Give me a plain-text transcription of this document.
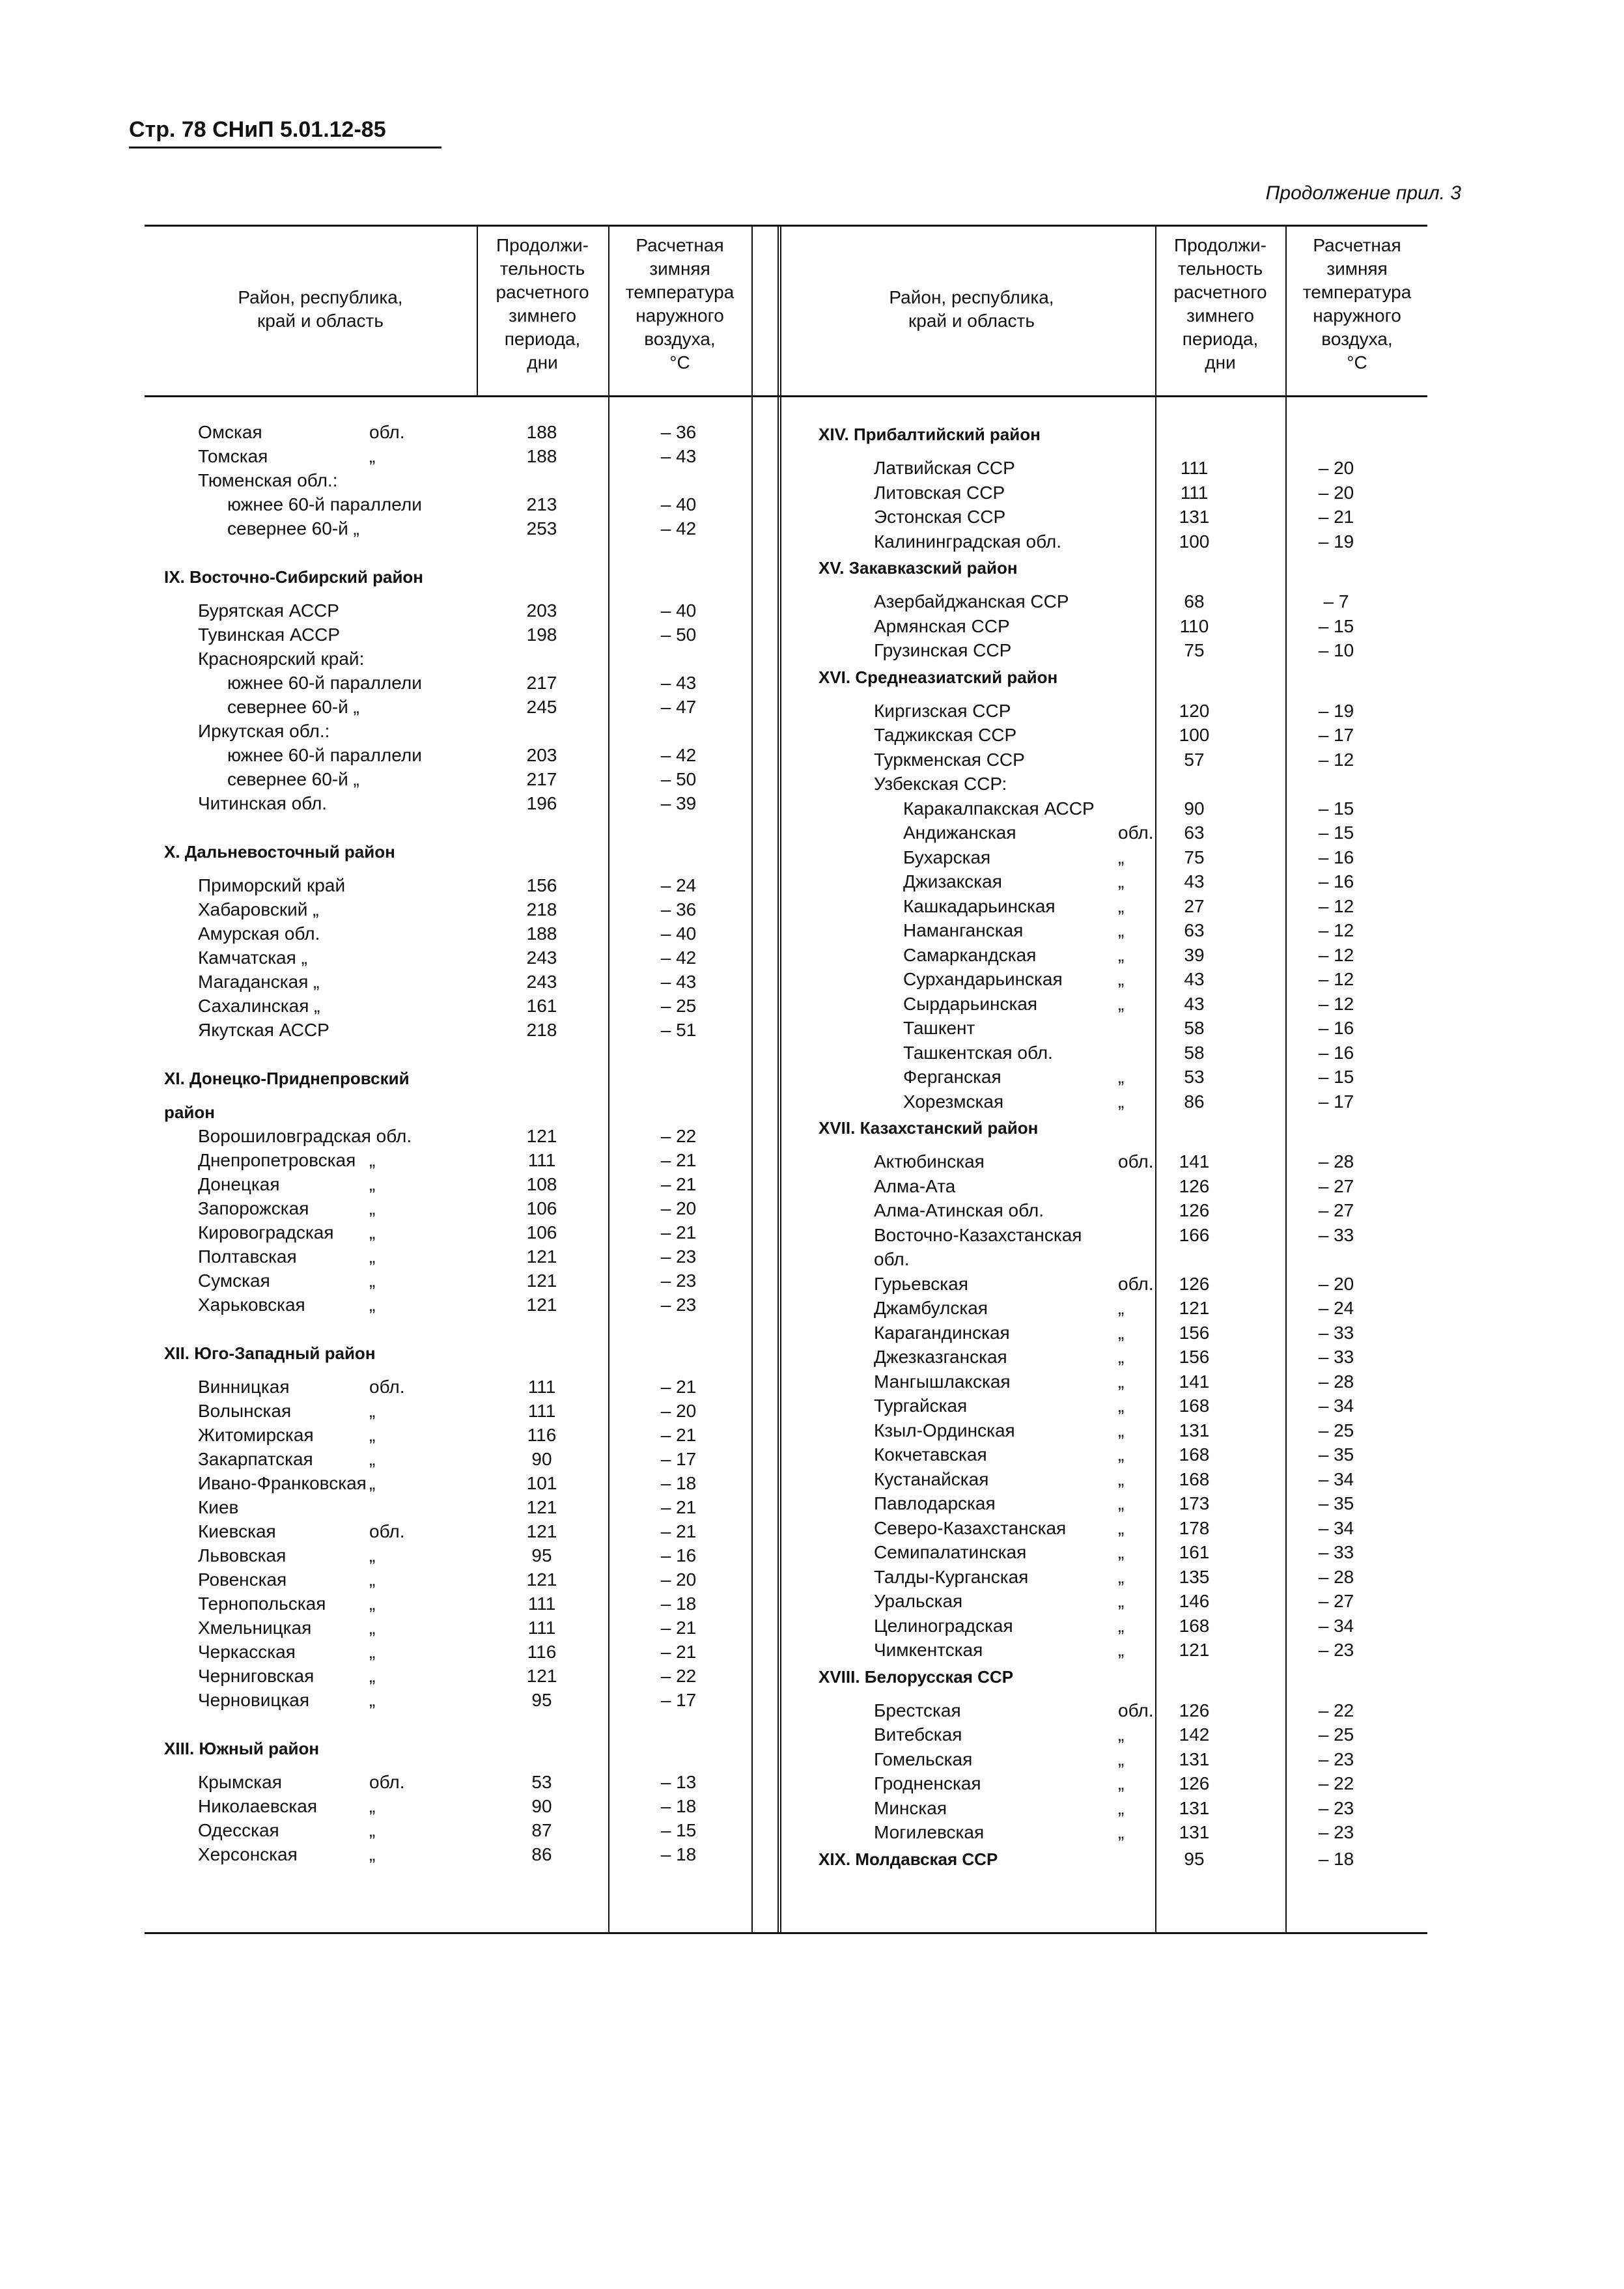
Стр. 78 СНиП 5.01.12-85
Продолжение прил. 3
Район, республика,
край и область
Продолжи-
тельность
расчетного
зимнего
периода,
дни
Расчетная
зимняя
температура
наружного
воздуха,
°С
Район, республика,
край и область
Продолжи-
тельность
расчетного
зимнего
периода,
дни
Расчетная
зимняя
температура
наружного
воздуха,
°С
Омская	обл.	188	– 36
Томская	„	188	– 43
Тюменская обл.:
южнее 60-й параллели	213	– 40
севернее 60-й „	253	– 42
IX. Восточно-Сибирский район
Бурятская АССР	203	– 40
Тувинская АССР	198	– 50
Красноярский край:
южнее 60-й параллели	217	– 43
севернее 60-й „	245	– 47
Иркутская обл.:
южнее 60-й параллели	203	– 42
севернее 60-й „	217	– 50
Читинская обл.	196	– 39
X. Дальневосточный район
Приморский край	156	– 24
Хабаровский „	218	– 36
Амурская обл.	188	– 40
Камчатская „	243	– 42
Магаданская „	243	– 43
Сахалинская „	161	– 25
Якутская АССР	218	– 51
XI. Донецко-Приднепровский
район
Ворошиловградская обл.	121	– 22
Днепропетровская „	111	– 21
Донецкая	„	108	– 21
Запорожская	„	106	– 20
Кировоградская „	106	– 21
Полтавская	„	121	– 23
Сумская	„	121	– 23
Харьковская	„	121	– 23
XII. Юго-Западный район
Винницкая	обл.	111	– 21
Волынская	„	111	– 20
Житомирская	„	116	– 21
Закарпатская	„	90	– 17
Ивано-Франковская „	101	– 18
Киев	121	– 21
Киевская	обл.	121	– 21
Львовская	„	95	– 16
Ровенская	„	121	– 20
Тернопольская „	111	– 18
Хмельницкая	„	111	– 21
Черкасская	„	116	– 21
Черниговская	„	121	– 22
Черновицкая	„	95	– 17
XIII. Южный район
Крымская	обл.	53	– 13
Николаевская	„	90	– 18
Одесская	„	87	– 15
Херсонская	„	86	– 18
XIV. Прибалтийский район
Латвийская ССР	111	– 20
Литовская ССР	111	– 20
Эстонская ССР	131	– 21
Калининградская обл.	100	– 19
XV. Закавказский район
Азербайджанская ССР	68	– 7
Армянская ССР	110	– 15
Грузинская ССР	75	– 10
XVI. Среднеазиатский район
Киргизская ССР	120	– 19
Таджикская ССР	100	– 17
Туркменская ССР	57	– 12
Узбекская ССР:
Каракалпакская АССР	90	– 15
Андижанская	обл.	63	– 15
Бухарская	„	75	– 16
Джизакская	„	43	– 16
Кашкадарьинская	„	27	– 12
Наманганская	„	63	– 12
Самаркандская	„	39	– 12
Сурхандарьинская	„	43	– 12
Сырдарьинская	„	43	– 12
Ташкент	58	– 16
Ташкентская обл.	58	– 16
Ферганская	„	53	– 15
Хорезмская	„	86	– 17
XVII. Казахстанский район
Актюбинская	обл.	141	– 28
Алма-Ата	126	– 27
Алма-Атинская обл.	126	– 27
Восточно-Казахстанская	166	– 33
обл.
Гурьевская	обл.	126	– 20
Джамбулская	„	121	– 24
Карагандинская	„	156	– 33
Джезказганская	„	156	– 33
Мангышлакская	„	141	– 28
Тургайская	„	168	– 34
Кзыл-Ординская	„	131	– 25
Кокчетавская	„	168	– 35
Кустанайская	„	168	– 34
Павлодарская	„	173	– 35
Северо-Казахстанская	„	178	– 34
Семипалатинская	„	161	– 33
Талды-Курганская	„	135	– 28
Уральская	„	146	– 27
Целиноградская	„	168	– 34
Чимкентская	„	121	– 23
XVIII. Белорусская ССР
Брестская	обл.	126	– 22
Витебская	„	142	– 25
Гомельская	„	131	– 23
Гродненская	„	126	– 22
Минская	„	131	– 23
Могилевская	„	131	– 23
XIX. Молдавская ССР	95	– 18
